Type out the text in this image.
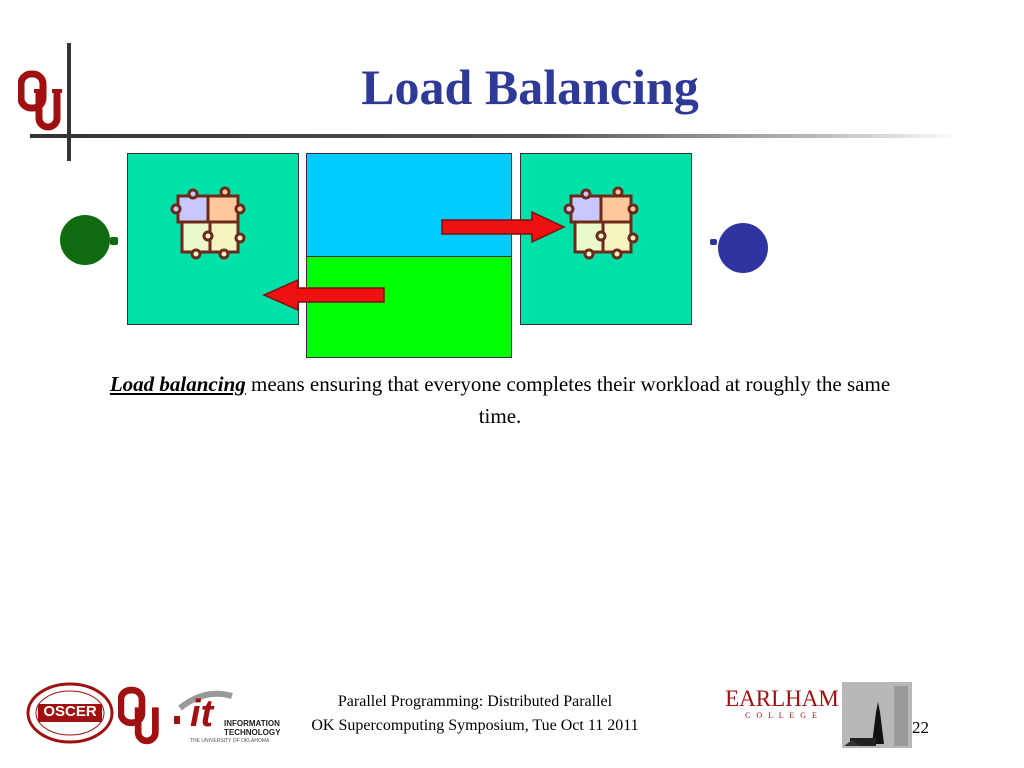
Load Balancing
Load balancing means ensuring that everyone completes their workload at roughly the same time.
OSCER it INFORMATION
TECHNOLOGY
THE UNIVERSITY OF OKLAHOMA
Parallel Programming: Distributed Parallel
OK Supercomputing Symposium, Tue Oct 11 2011
EARLHAM
C O L L E G E
22
